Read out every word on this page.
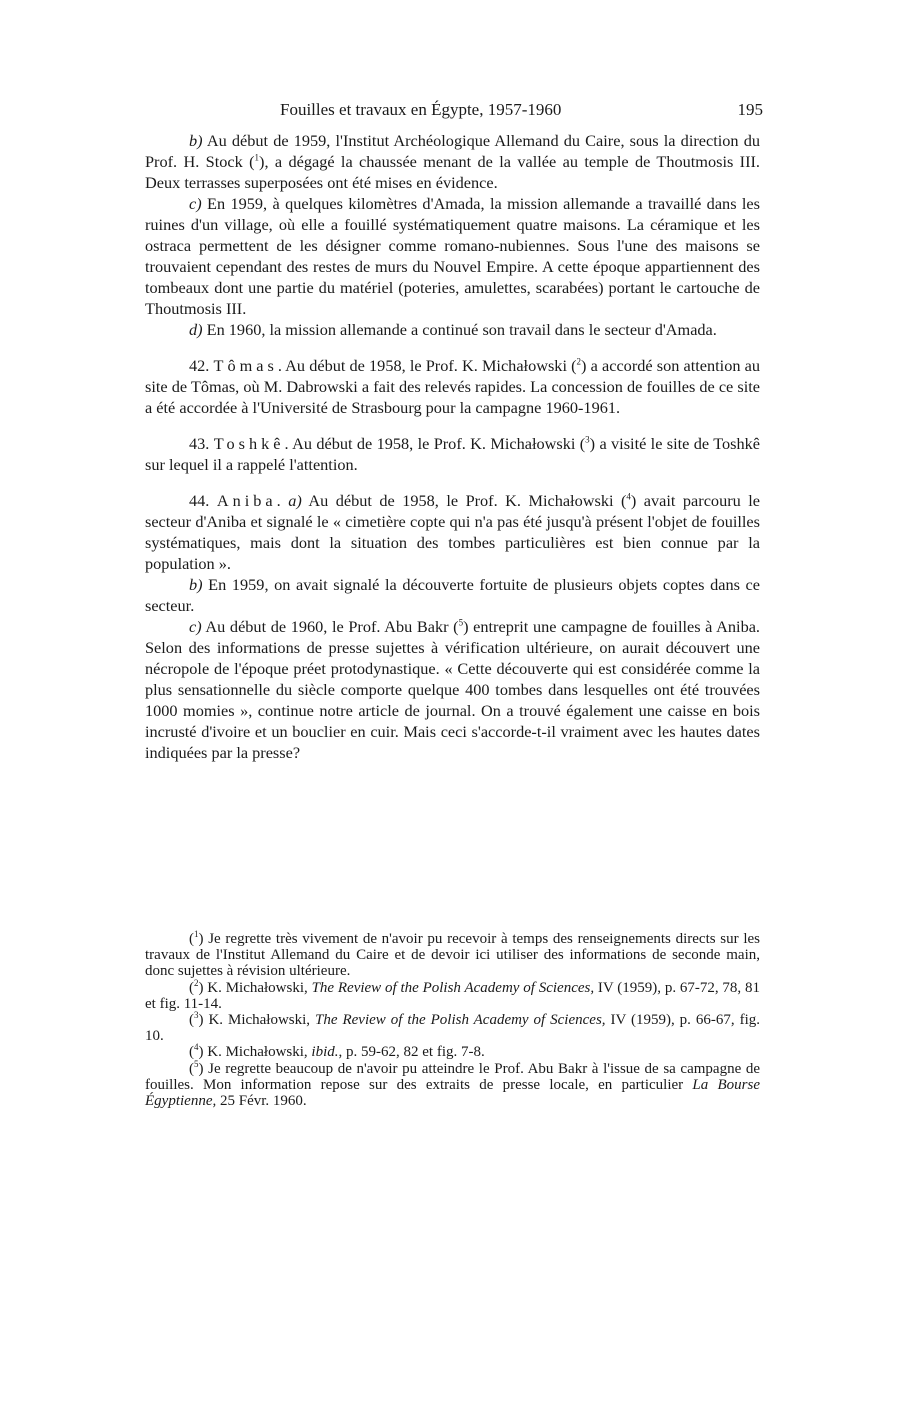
Fouilles et travaux en Égypte, 1957-1960	195

b) Au début de 1959, l'Institut Archéologique Allemand du Caire, sous la direction du Prof. H. Stock ($^1$), a dégagé la chaussée menant de la vallée au temple de Thoutmosis III. Deux terrasses superposées ont été mises en évidence.

c) En 1959, à quelques kilomètres d'Amada, la mission allemande a travaillé dans les ruines d'un village, où elle a fouillé systématiquement quatre maisons. La céramique et les ostraca permettent de les désigner comme romano-nubiennes. Sous l'une des maisons se trouvaient cependant des restes de murs du Nouvel Empire. A cette époque appartiennent des tombeaux dont une partie du matériel (poteries, amulettes, scarabées) portant le cartouche de Thoutmosis III.

d) En 1960, la mission allemande a continué son travail dans le secteur d'Amada.

42. Tômas. Au début de 1958, le Prof. K. Michałowski ($^2$) a accordé son attention au site de Tômas, où M. Dabrowski a fait des relevés rapides. La concession de fouilles de ce site a été accordée à l'Université de Strasbourg pour la campagne 1960-1961.

43. Toshkê. Au début de 1958, le Prof. K. Michałowski ($^3$) a visité le site de Toshkê sur lequel il a rappelé l'attention.

44. Aniba. a) Au début de 1958, le Prof. K. Michałowski ($^4$) avait parcouru le secteur d'Aniba et signalé le « cimetière copte qui n'a pas été jusqu'à présent l'objet de fouilles systématiques, mais dont la situation des tombes particulières est bien connue par la population ».

b) En 1959, on avait signalé la découverte fortuite de plusieurs objets coptes dans ce secteur.

c) Au début de 1960, le Prof. Abu Bakr ($^5$) entreprit une campagne de fouilles à Aniba. Selon des informations de presse sujettes à vérification ultérieure, on aurait découvert une nécropole de l'époque préet protodynastique. « Cette découverte qui est considérée comme la plus sensationnelle du siècle comporte quelque 400 tombes dans lesquelles ont été trouvées 1000 momies », continue notre article de journal. On a trouvé également une caisse en bois incrusté d'ivoire et un bouclier en cuir. Mais ceci s'accorde-t-il vraiment avec les hautes dates indiquées par la presse?

($^1$) Je regrette très vivement de n'avoir pu recevoir à temps des renseignements directs sur les travaux de l'Institut Allemand du Caire et de devoir ici utiliser des informations de seconde main, donc sujettes à révision ultérieure.

($^2$) K. Michałowski, The Review of the Polish Academy of Sciences, IV (1959), p. 67-72, 78, 81 et fig. 11-14.

($^3$) K. Michałowski, The Review of the Polish Academy of Sciences, IV (1959), p. 66-67, fig. 10.

($^4$) K. Michałowski, ibid., p. 59-62, 82 et fig. 7-8.

($^5$) Je regrette beaucoup de n'avoir pu atteindre le Prof. Abu Bakr à l'issue de sa campagne de fouilles. Mon information repose sur des extraits de presse locale, en particulier La Bourse Égyptienne, 25 Févr. 1960.
